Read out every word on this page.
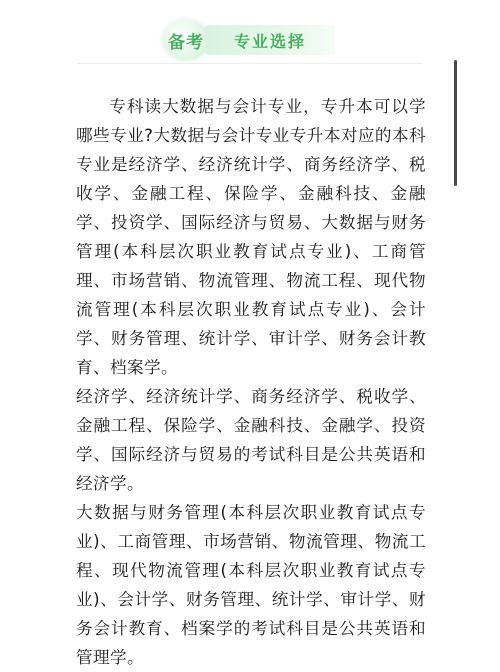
备考	专业选择

专科读大数据与会计专业，专升本可以学哪些专业?大数据与会计专业专升本对应的本科专业是经济学、经济统计学、商务经济学、税收学、金融工程、保险学、金融科技、金融学、投资学、国际经济与贸易、大数据与财务管理(本科层次职业教育试点专业)、工商管理、市场营销、物流管理、物流工程、现代物流管理(本科层次职业教育试点专业)、会计学、财务管理、统计学、审计学、财务会计教育、档案学。

经济学、经济统计学、商务经济学、税收学、金融工程、保险学、金融科技、金融学、投资学、国际经济与贸易的考试科目是公共英语和经济学。

大数据与财务管理(本科层次职业教育试点专业)、工商管理、市场营销、物流管理、物流工程、现代物流管理(本科层次职业教育试点专业)、会计学、财务管理、统计学、审计学、财务会计教育、档案学的考试科目是公共英语和管理学。
